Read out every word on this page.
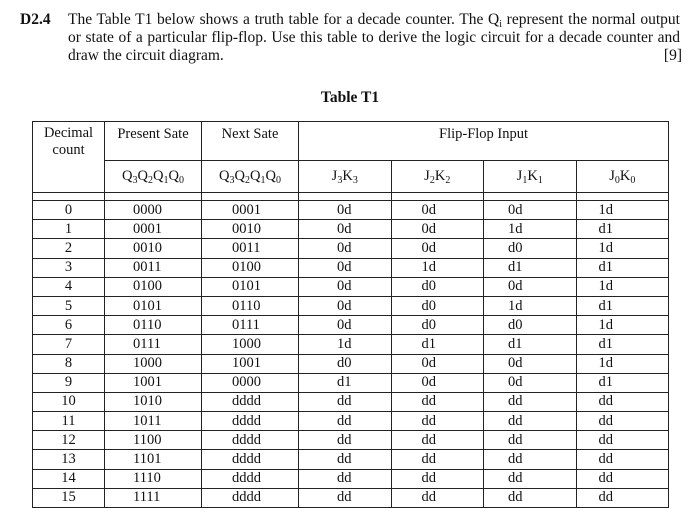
D2.4 The Table T1 below shows a truth table for a decade counter. The $Q_i$ represent the normal output or state of a particular flip-flop. Use this table to derive the logic circuit for a decade counter and draw the circuit diagram.	[9]
Table T1
Decimal
count	Present Sate	Next Sate	Flip-Flop Input			
	$Q_3Q_2Q_1Q_0$	$Q_3Q_2Q_1Q_0$	$J_3K_3$	$J_2K_2$	$J_1K_1$	$J_0K_0$

0	0000	0001	0d	0d	0d	1d
1	0001	0010	0d	0d	1d	d1
2	0010	0011	0d	0d	d0	1d
3	0011	0100	0d	1d	d1	d1
4	0100	0101	0d	d0	0d	1d
5	0101	0110	0d	d0	1d	d1
6	0110	0111	0d	d0	d0	1d
7	0111	1000	1d	d1	d1	d1
8	1000	1001	d0	0d	0d	1d
9	1001	0000	d1	0d	0d	d1
10	1010	dddd	dd	dd	dd	dd
11	1011	dddd	dd	dd	dd	dd
12	1100	dddd	dd	dd	dd	dd
13	1101	dddd	dd	dd	dd	dd
14	1110	dddd	dd	dd	dd	dd
15	1111	dddd	dd	dd	dd	dd
